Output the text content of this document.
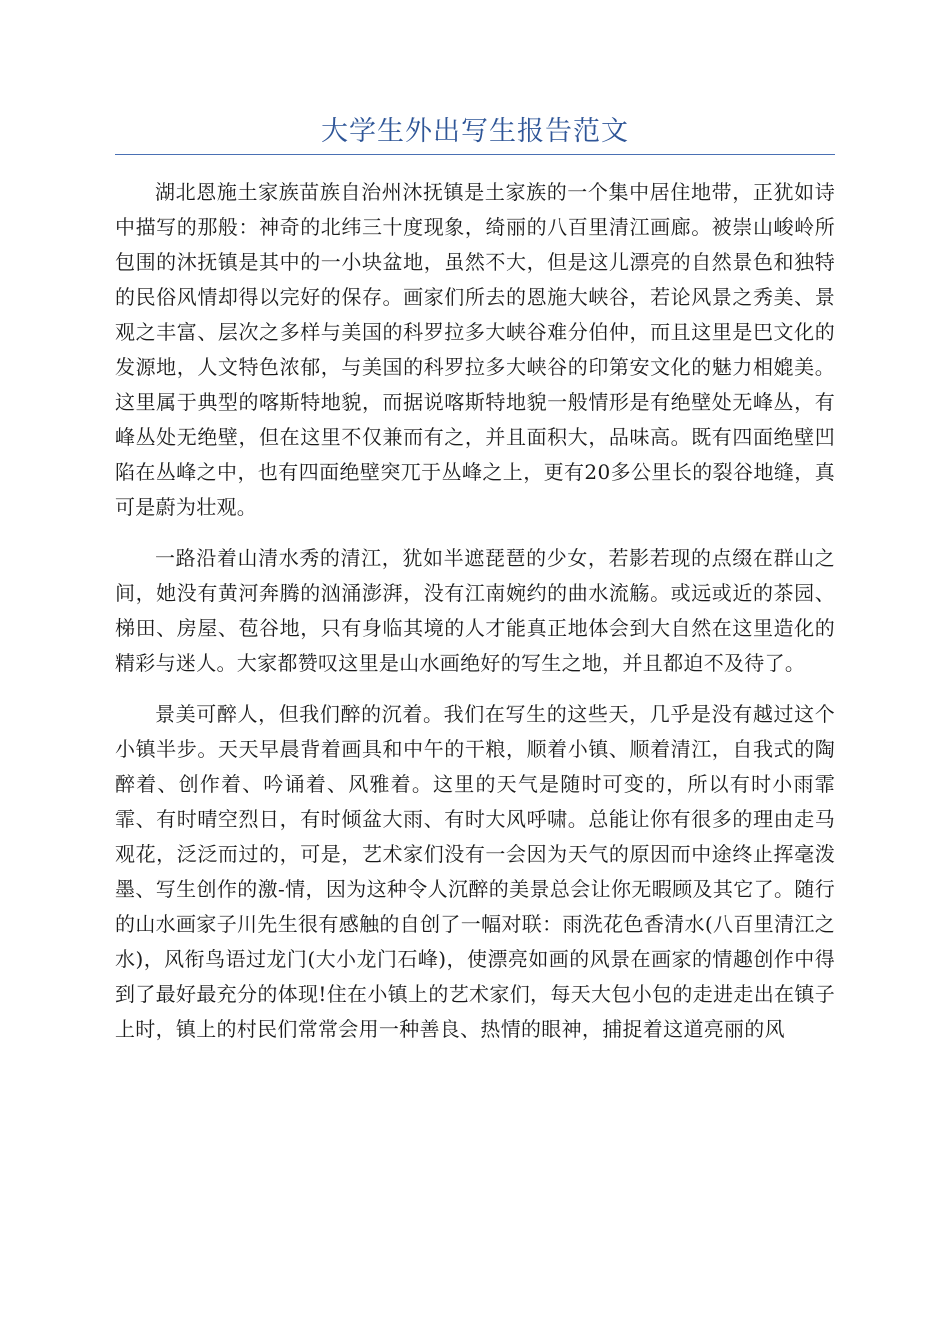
大学生外出写生报告范文

湖北恩施土家族苗族自治州沐抚镇是土家族的一个集中居住地带，正犹如诗中描写的那般：神奇的北纬三十度现象，绮丽的八百里清江画廊。被崇山峻岭所包围的沐抚镇是其中的一小块盆地，虽然不大，但是这儿漂亮的自然景色和独特的民俗风情却得以完好的保存。画家们所去的恩施大峡谷，若论风景之秀美、景观之丰富、层次之多样与美国的科罗拉多大峡谷难分伯仲，而且这里是巴文化的发源地，人文特色浓郁，与美国的科罗拉多大峡谷的印第安文化的魅力相媲美。这里属于典型的喀斯特地貌，而据说喀斯特地貌一般情形是有绝壁处无峰丛，有峰丛处无绝壁，但在这里不仅兼而有之，并且面积大，品味高。既有四面绝壁凹陷在丛峰之中，也有四面绝壁突兀于丛峰之上，更有20多公里长的裂谷地缝，真可是蔚为壮观。

一路沿着山清水秀的清江，犹如半遮琵琶的少女，若影若现的点缀在群山之间，她没有黄河奔腾的汹涌澎湃，没有江南婉约的曲水流觞。或远或近的茶园、梯田、房屋、苞谷地，只有身临其境的人才能真正地体会到大自然在这里造化的精彩与迷人。大家都赞叹这里是山水画绝好的写生之地，并且都迫不及待了。

景美可醉人，但我们醉的沉着。我们在写生的这些天，几乎是没有越过这个小镇半步。天天早晨背着画具和中午的干粮，顺着小镇、顺着清江，自我式的陶醉着、创作着、吟诵着、风雅着。这里的天气是随时可变的，所以有时小雨霏霏、有时晴空烈日，有时倾盆大雨、有时大风呼啸。总能让你有很多的理由走马观花，泛泛而过的，可是，艺术家们没有一会因为天气的原因而中途终止挥毫泼墨、写生创作的激-情，因为这种令人沉醉的美景总会让你无暇顾及其它了。随行的山水画家子川先生很有感触的自创了一幅对联：雨洗花色香清水(八百里清江之水)，风衔鸟语过龙门(大小龙门石峰)，使漂亮如画的风景在画家的情趣创作中得到了最好最充分的体现!住在小镇上的艺术家们，每天大包小包的走进走出在镇子上时，镇上的村民们常常会用一种善良、热情的眼神，捕捉着这道亮丽的风
